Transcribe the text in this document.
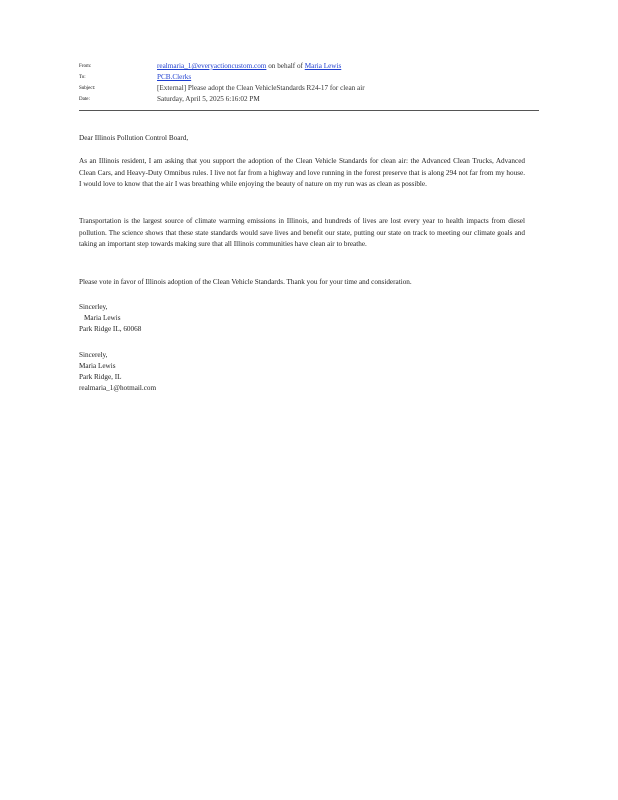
From:	realmaria_1@everyactioncustom.com on behalf of Maria Lewis
To:	PCB.Clerks
Subject:	[External] Please adopt the Clean VehicleStandards R24-17 for clean air
Date:	Saturday, April 5, 2025 6:16:02 PM
Dear Illinois Pollution Control Board,
As an Illinois resident, I am asking that you support the adoption of the Clean Vehicle Standards for clean air: the Advanced Clean Trucks, Advanced Clean Cars, and Heavy-Duty Omnibus rules. I live not far from a highway and love running in the forest preserve that is along 294 not far from my house. I would love to know that the air I was breathing while enjoying the beauty of nature on my run was as clean as possible.
Transportation is the largest source of climate warming emissions in Illinois, and hundreds of lives are lost every year to health impacts from diesel pollution. The science shows that these state standards would save lives and benefit our state, putting our state on track to meeting our climate goals and taking an important step towards making sure that all Illinois communities have clean air to breathe.
Please vote in favor of Illinois adoption of the Clean Vehicle Standards. Thank you for your time and consideration.
Sincerley,
Maria Lewis
Park Ridge IL, 60068
Sincerely,
Maria Lewis
Park Ridge, IL
realmaria_1@hotmail.com
